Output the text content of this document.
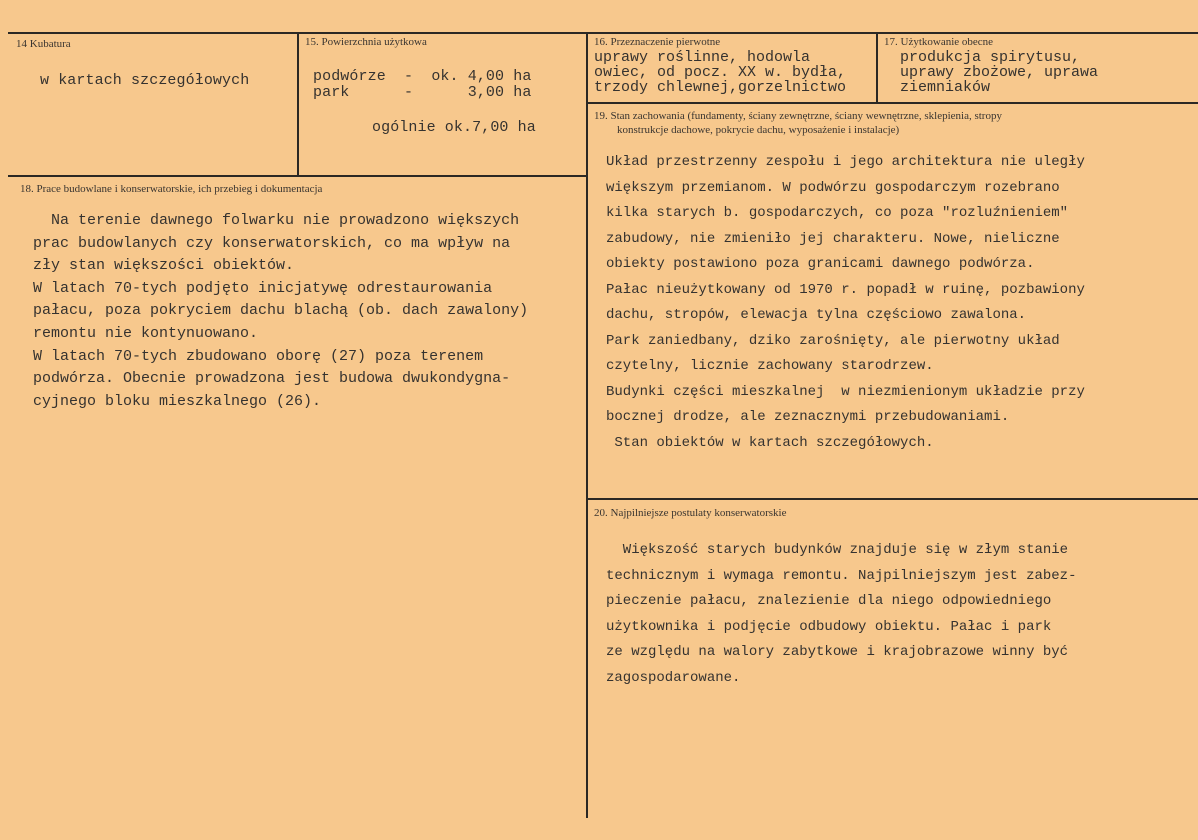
14 Kubatura
w kartach szczegółowych
15. Powierzchnia użytkowa
podwórze  -  ok. 4,00 ha
park      -      3,00 ha
ogólnie ok.7,00 ha
16. Przeznaczenie pierwotne
uprawy roślinne, hodowla
owiec, od pocz. XX w. bydła,
trzody chlewnej,gorzelnictwo
17. Użytkowanie obecne
produkcja spirytusu,
uprawy zbożowe, uprawa
ziemniaków
18. Prace budowlane i konserwatorskie, ich przebieg i dokumentacja
Na terenie dawnego folwarku nie prowadzono większych
prac budowlanych czy konserwatorskich, co ma wpływ na
zły stan większości obiektów.
W latach 70-tych podjęto inicjatywę odrestaurowania
pałacu, poza pokryciem dachu blachą (ob. dach zawalony)
remontu nie kontynuowano.
W latach 70-tych zbudowano oborę (27) poza terenem
podwórza. Obecnie prowadzona jest budowa dwukondygna-
cyjnego bloku mieszkalnego (26).
19. Stan zachowania (fundamenty, ściany zewnętrzne, ściany wewnętrzne, sklepienia, stropy
konstrukcje dachowe, pokrycie dachu, wyposażenie i instalacje)
Układ przestrzenny zespołu i jego architektura nie uległy
większym przemianom. W podwórzu gospodarczym rozebrano
kilka starych b. gospodarczych, co poza "rozluźnieniem"
zabudowy, nie zmieniło jej charakteru. Nowe, nieliczne
obiekty postawiono poza granicami dawnego podwórza.
Pałac nieużytkowany od 1970 r. popadł w ruinę, pozbawiony
dachu, stropów, elewacja tylna częściowo zawalona.
Park zaniedbany, dziko zarośnięty, ale pierwotny układ
czytelny, licznie zachowany starodrzew.
Budynki części mieszkalnej  w niezmienionym układzie przy
bocznej drodze, ale zeznacznymi przebudowaniami.
Stan obiektów w kartach szczegółowych.
20. Najpilniejsze postulaty konserwatorskie
Większość starych budynków znajduje się w złym stanie
technicznym i wymaga remontu. Najpilniejszym jest zabez-
pieczenie pałacu, znalezienie dla niego odpowiedniego
użytkownika i podjęcie odbudowy obiektu. Pałac i park
ze względu na walory zabytkowe i krajobrazowe winny być
zagospodarowane.
